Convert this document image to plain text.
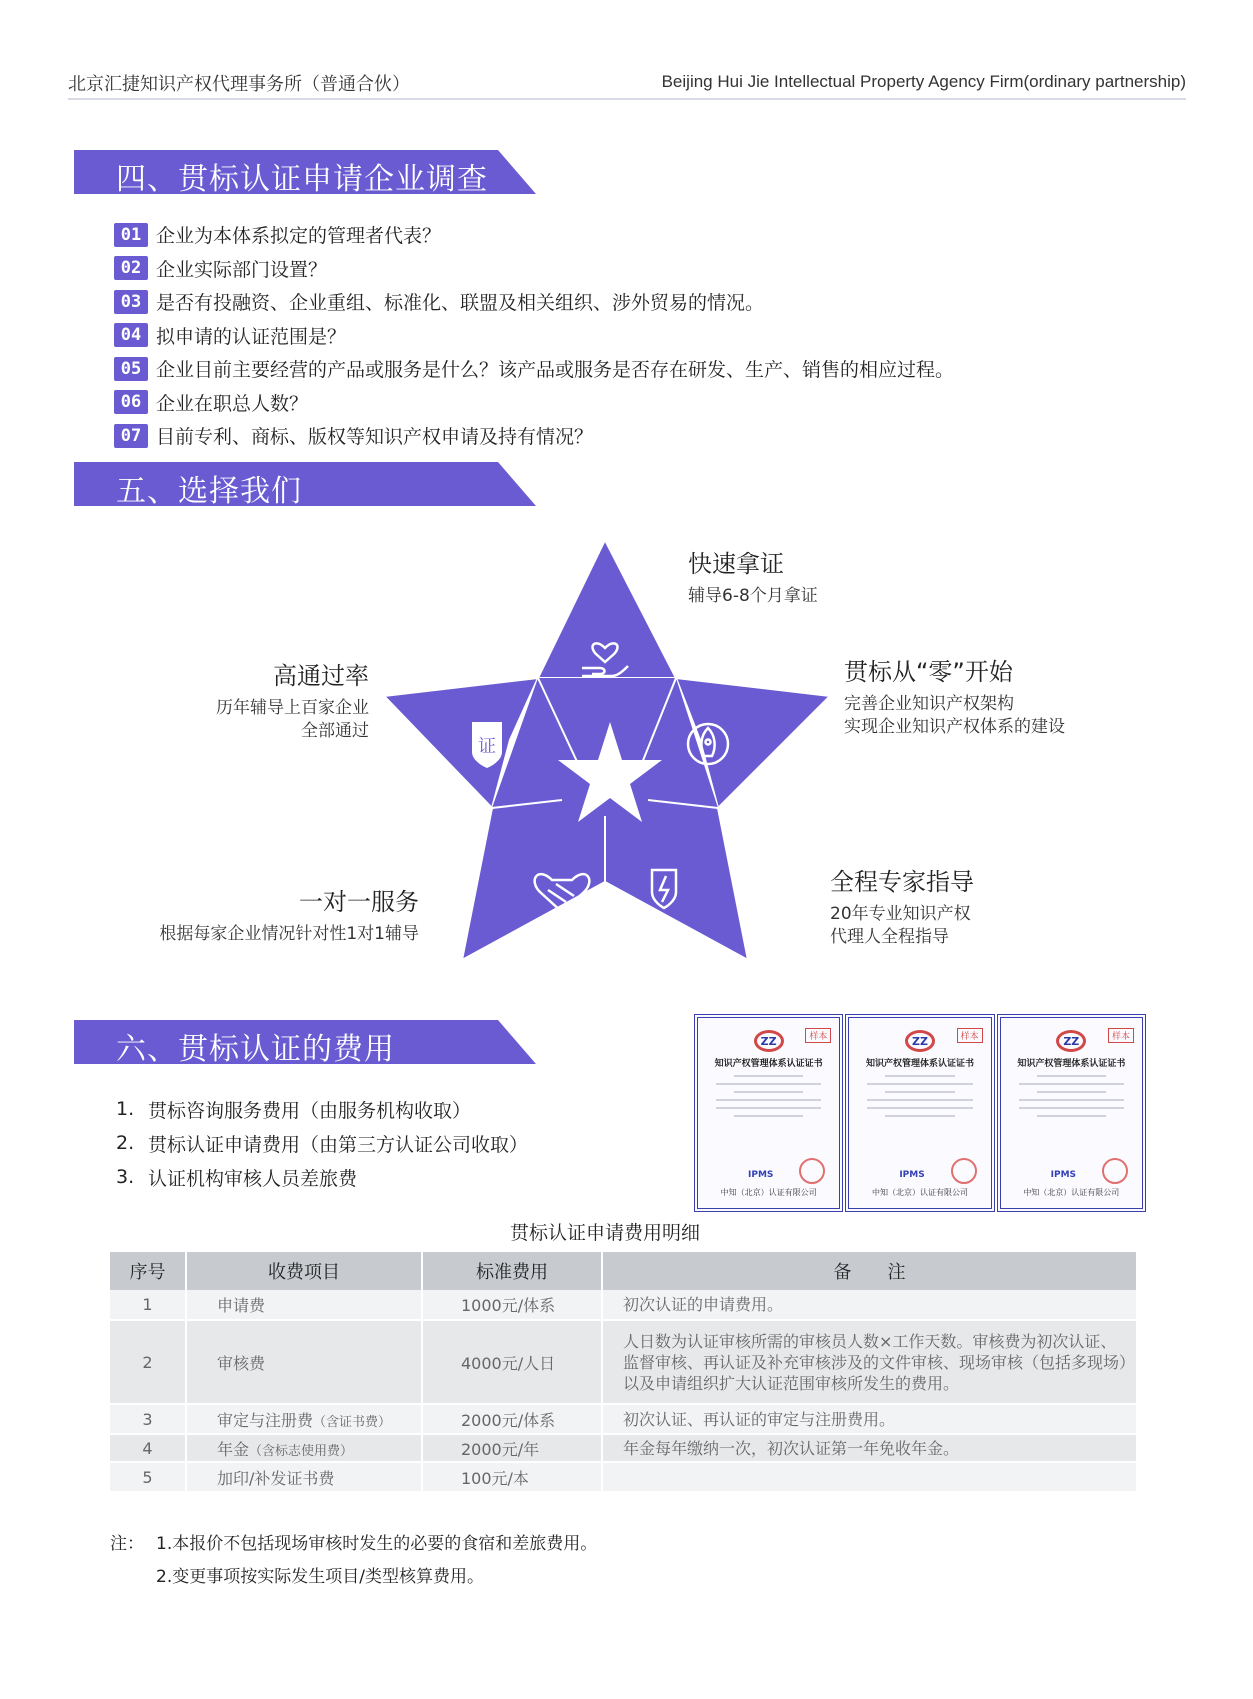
北京汇捷知识产权代理事务所（普通合伙）	Beijing Hui Jie Intellectual Property Agency Firm(ordinary partnership)
四、贯标认证申请企业调查
01 企业为本体系拟定的管理者代表？
02 企业实际部门设置？
03 是否有投融资、企业重组、标准化、联盟及相关组织、涉外贸易的情况。
04 拟申请的认证范围是？
05 企业目前主要经营的产品或服务是什么？该产品或服务是否存在研发、生产、销售的相应过程。
06 企业在职总人数？
07 目前专利、商标、版权等知识产权申请及持有情况？
五、选择我们
证
快速拿证
辅导6-8个月拿证
高通过率
历年辅导上百家企业
全部通过
贯标从“零”开始
完善企业知识产权架构
实现企业知识产权体系的建设
一对一服务
根据每家企业情况针对性1对1辅导
全程专家指导
20年专业知识产权
代理人全程指导
六、贯标认证的费用
1. 贯标咨询服务费用（由服务机构收取）
2. 贯标认证申请费用（由第三方认证公司收取）
3. 认证机构审核人员差旅费
样本
ZZ
知识产权管理体系认证证书
IPMS
中知（北京）认证有限公司
样本
ZZ
知识产权管理体系认证证书
IPMS
中知（北京）认证有限公司
样本
ZZ
知识产权管理体系认证证书
IPMS
中知（北京）认证有限公司
贯标认证申请费用明细
序号	收费项目	标准费用	备　　注
1	申请费	1000元/体系	初次认证的申请费用。
2	审核费	4000元/人日	人日数为认证审核所需的审核员人数×工作天数。审核费为初次认证、监督审核、再认证及补充审核涉及的文件审核、现场审核（包括多现场）以及申请组织扩大认证范围审核所发生的费用。
3	审定与注册费（含证书费）	2000元/体系	初次认证、再认证的审定与注册费用。
4	年金（含标志使用费）	2000元/年	年金每年缴纳一次，初次认证第一年免收年金。
5	加印/补发证书费	100元/本	
注： 1.本报价不包括现场审核时发生的必要的食宿和差旅费用。
2.变更事项按实际发生项目/类型核算费用。
